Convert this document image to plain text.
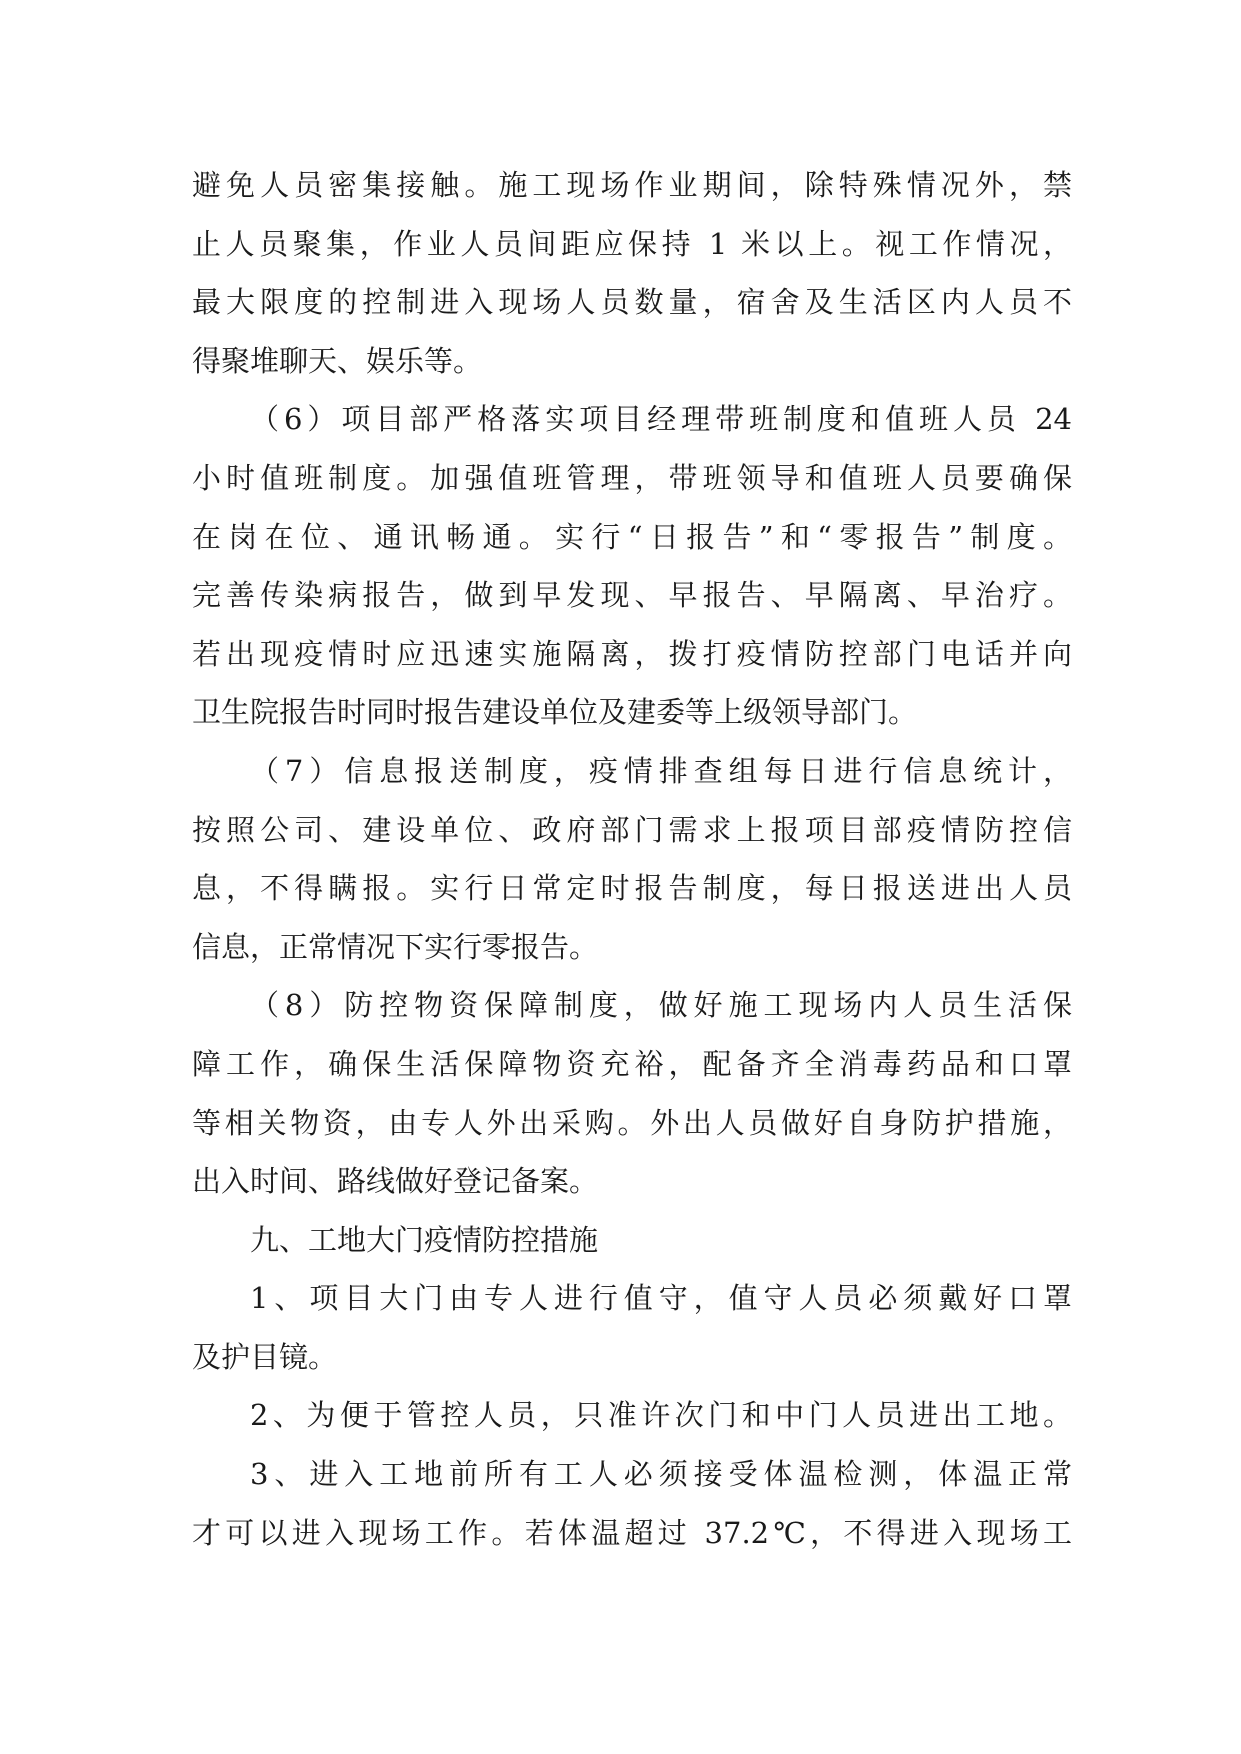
避免人员密集接触。施工现场作业期间，除特殊情况外，禁
止人员聚集，作业人员间距应保持 1 米以上。视工作情况，
最大限度的控制进入现场人员数量，宿舍及生活区内人员不
得聚堆聊天、娱乐等。
（6）项目部严格落实项目经理带班制度和值班人员 24
小时值班制度。加强值班管理，带班领导和值班人员要确保
在岗在位、通讯畅通。实行“日报告”和“零报告”制度。
完善传染病报告，做到早发现、早报告、早隔离、早治疗。
若出现疫情时应迅速实施隔离，拨打疫情防控部门电话并向
卫生院报告时同时报告建设单位及建委等上级领导部门。
（7）信息报送制度，疫情排查组每日进行信息统计，
按照公司、建设单位、政府部门需求上报项目部疫情防控信
息，不得瞒报。实行日常定时报告制度，每日报送进出人员
信息，正常情况下实行零报告。
（8）防控物资保障制度，做好施工现场内人员生活保
障工作，确保生活保障物资充裕，配备齐全消毒药品和口罩
等相关物资，由专人外出采购。外出人员做好自身防护措施，
出入时间、路线做好登记备案。
九、工地大门疫情防控措施
1、项目大门由专人进行值守，值守人员必须戴好口罩
及护目镜。
2、为便于管控人员，只准许次门和中门人员进出工地。
3、进入工地前所有工人必须接受体温检测，体温正常
才可以进入现场工作。若体温超过 37.2℃，不得进入现场工
